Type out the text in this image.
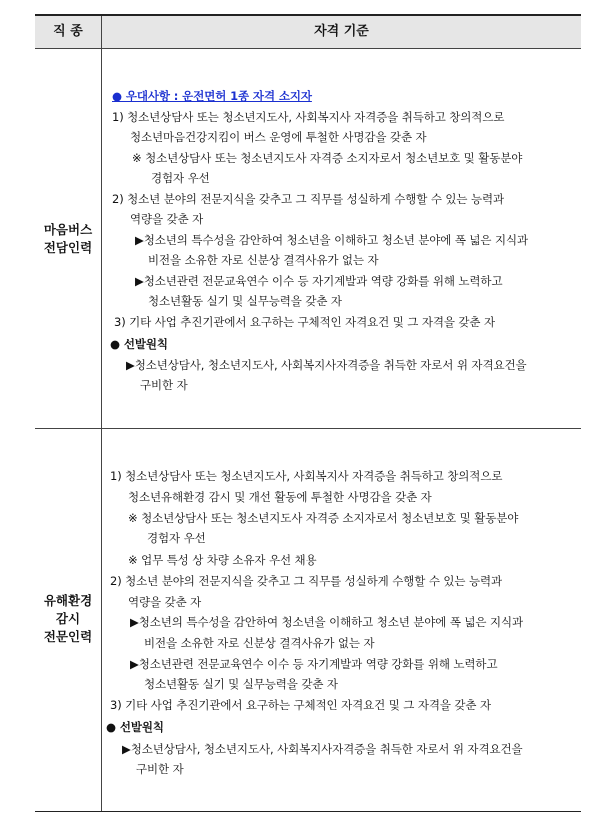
직 종	자격 기준
마음버스
전담인력
● 우대사항 : 운전면허 1종 자격 소지자
1) 청소년상담사 또는 청소년지도사, 사회복지사 자격증을 취득하고 창의적으로
청소년마음건강지킴이 버스 운영에 투철한 사명감을 갖춘 자
※ 청소년상담사 또는 청소년지도사 자격증 소지자로서 청소년보호 및 활동분야
경험자 우선
2) 청소년 분야의 전문지식을 갖추고 그 직무를 성실하게 수행할 수 있는 능력과
역량을 갖춘 자
▶청소년의 특수성을 감안하여 청소년을 이해하고 청소년 분야에 폭 넓은 지식과
비전을 소유한 자로 신분상 결격사유가 없는 자
▶청소년관련 전문교육연수 이수 등 자기계발과 역량 강화를 위해 노력하고
청소년활동 실기 및 실무능력을 갖춘 자
3) 기타 사업 추진기관에서 요구하는 구체적인 자격요건 및 그 자격을 갖춘 자
● 선발원칙
▶청소년상담사, 청소년지도사, 사회복지사자격증을 취득한 자로서 위 자격요건을
구비한 자
유해환경
감시
전문인력
1) 청소년상담사 또는 청소년지도사, 사회복지사 자격증을 취득하고 창의적으로
청소년유해환경 감시 및 개선 활동에 투철한 사명감을 갖춘 자
※ 청소년상담사 또는 청소년지도사 자격증 소지자로서 청소년보호 및 활동분야
경험자 우선
※ 업무 특성 상 차량 소유자 우선 채용
2) 청소년 분야의 전문지식을 갖추고 그 직무를 성실하게 수행할 수 있는 능력과
역량을 갖춘 자
▶청소년의 특수성을 감안하여 청소년을 이해하고 청소년 분야에 폭 넓은 지식과
비전을 소유한 자로 신분상 결격사유가 없는 자
▶청소년관련 전문교육연수 이수 등 자기계발과 역량 강화를 위해 노력하고
청소년활동 실기 및 실무능력을 갖춘 자
3) 기타 사업 추진기관에서 요구하는 구체적인 자격요건 및 그 자격을 갖춘 자
● 선발원칙
▶청소년상담사, 청소년지도사, 사회복지사자격증을 취득한 자로서 위 자격요건을
구비한 자
